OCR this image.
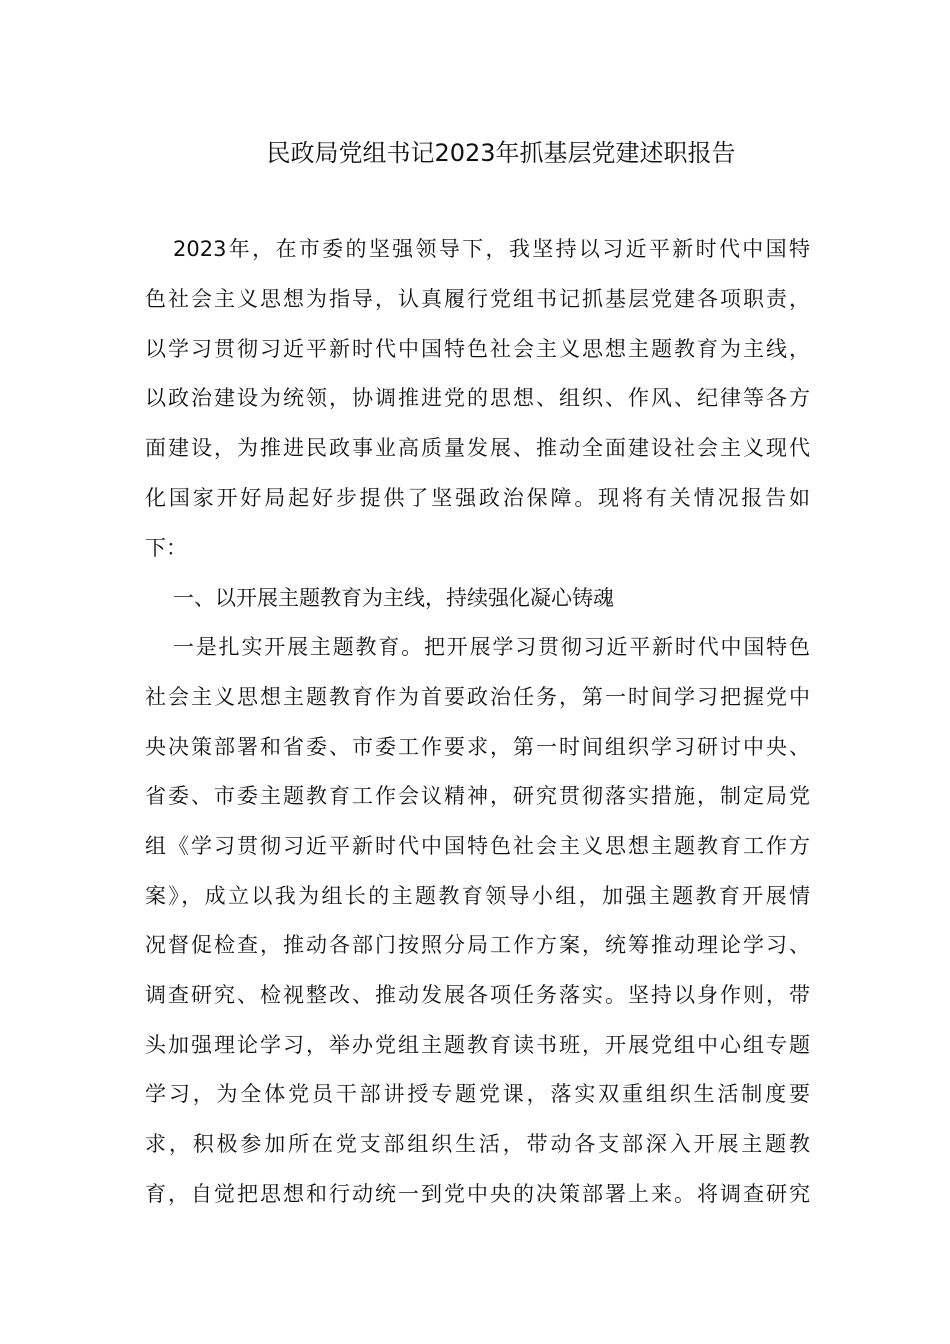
民政局党组书记2023年抓基层党建述职报告
2023年，在市委的坚强领导下，我坚持以习近平新时代中国特
色社会主义思想为指导，认真履行党组书记抓基层党建各项职责，
以学习贯彻习近平新时代中国特色社会主义思想主题教育为主线，
以政治建设为统领，协调推进党的思想、组织、作风、纪律等各方
面建设，为推进民政事业高质量发展、推动全面建设社会主义现代
化国家开好局起好步提供了坚强政治保障。现将有关情况报告如
下：
一、以开展主题教育为主线，持续强化凝心铸魂
一是扎实开展主题教育。把开展学习贯彻习近平新时代中国特色
社会主义思想主题教育作为首要政治任务，第一时间学习把握党中
央决策部署和省委、市委工作要求，第一时间组织学习研讨中央、
省委、市委主题教育工作会议精神，研究贯彻落实措施，制定局党
组《学习贯彻习近平新时代中国特色社会主义思想主题教育工作方
案》，成立以我为组长的主题教育领导小组，加强主题教育开展情
况督促检查，推动各部门按照分局工作方案，统筹推动理论学习、
调查研究、检视整改、推动发展各项任务落实。坚持以身作则，带
头加强理论学习，举办党组主题教育读书班，开展党组中心组专题
学习，为全体党员干部讲授专题党课，落实双重组织生活制度要
求，积极参加所在党支部组织生活，带动各支部深入开展主题教
育，自觉把思想和行动统一到党中央的决策部署上来。将调查研究
